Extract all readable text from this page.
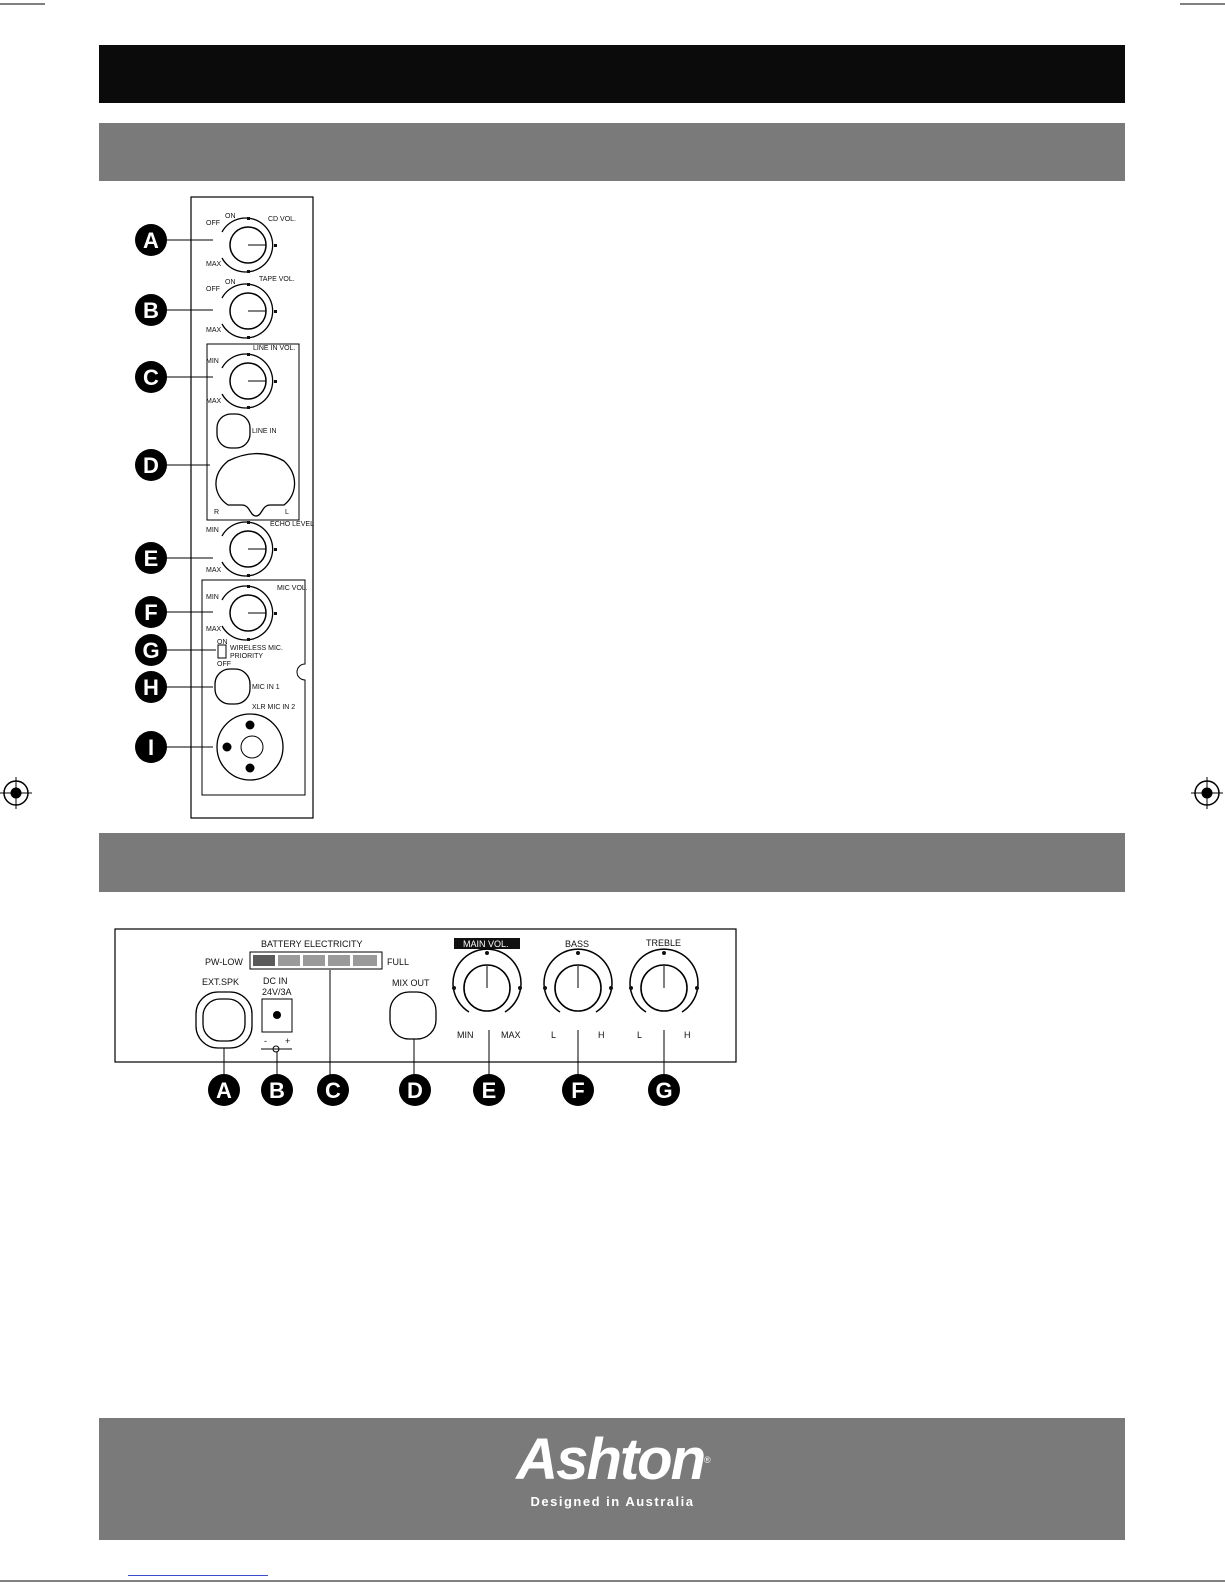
A
B
C
D
E
F
G
H
I
OFF
ON
MAX
CD VOL.
OFF
ON
MAX
TAPE VOL.
MIN
MAX
LINE IN VOL.
LINE IN
R	L
MIN
MAX
ECHO LEVEL
MIN
MAX
MIC VOL.
ON
OFF
WIRELESS MIC.
PRIORITY
MIC IN 1
XLR MIC IN 2
BATTERY ELECTRICITY
PW-LOW	FULL
EXT.SPK	DC IN
24V/3A
- +
MIX OUT
MAIN VOL.
MIN	MAX
BASS
L	H
TREBLE
L	H
A B C	D	E	F	G
Ashton®
Designed in Australia
